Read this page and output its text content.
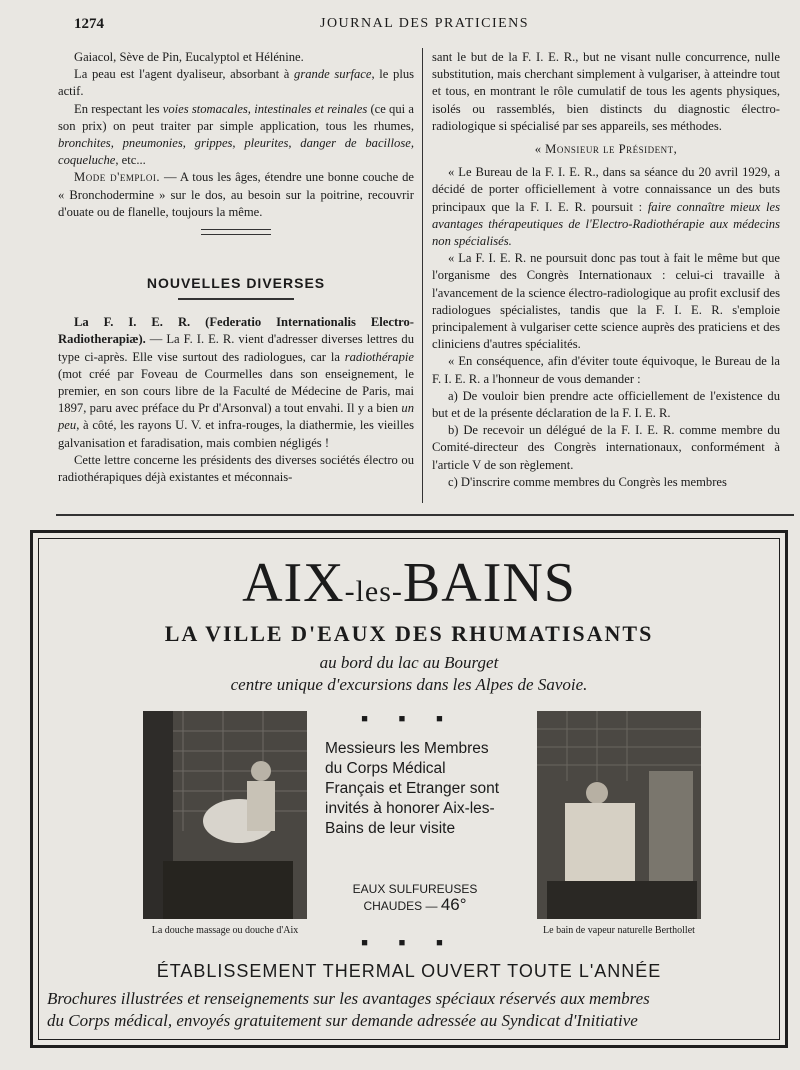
1274	JOURNAL DES PRATICIENS

Gaiacol, Sève de Pin, Eucalyptol et Hélénine.

La peau est l'agent dyaliseur, absorbant à grande surface, le plus actif.

En respectant les voies stomacales, intestinales et reinales (ce qui a son prix) on peut traiter par simple application, tous les rhumes, bronchites, pneumonies, grippes, pleurites, danger de bacillose, coqueluche, etc...

Mode d'emploi. — A tous les âges, étendre une bonne couche de « Bronchodermine » sur le dos, au besoin sur la poitrine, recouvrir d'ouate ou de flanelle, toujours la même.

NOUVELLES DIVERSES

La F. I. E. R. (Federatio Internationalis Electro-Radiotherapiæ). — La F. I. E. R. vient d'adresser diverses lettres du type ci-après. Elle vise surtout des radiologues, car la radiothérapie (mot créé par Foveau de Courmelles dans son enseignement, le premier, en son cours libre de la Faculté de Médecine de Paris, mai 1897, paru avec préface du Pr d'Arsonval) a tout envahi. Il y a bien un peu, à côté, les rayons U. V. et infra-rouges, la diathermie, les vieilles galvanisation et faradisation, mais combien négligés !

Cette lettre concerne les présidents des diverses sociétés électro ou radiothérapiques déjà existantes et méconnais-

sant le but de la F. I. E. R., but ne visant nulle concurrence, nulle substitution, mais cherchant simplement à vulgariser, à atteindre tout et tous, en montrant le rôle cumulatif de tous les agents physiques, isolés ou rassemblés, bien distincts du diagnostic électro-radiologique si spécialisé par ses appareils, ses méthodes.

« Monsieur le Président,

« Le Bureau de la F. I. E. R., dans sa séance du 20 avril 1929, a décidé de porter officiellement à votre connaissance un des buts principaux que la F. I. E. R. poursuit : faire connaître mieux les avantages thérapeutiques de l'Electro-Radiothérapie aux médecins non spécialisés.

« La F. I. E. R. ne poursuit donc pas tout à fait le même but que l'organisme des Congrès Internationaux : celui-ci travaille à l'avancement de la science électro-radiologique au profit exclusif des radiologues spécialistes, tandis que la F. I. E. R. s'emploie principalement à vulgariser cette science auprès des praticiens et des cliniciens d'autres spécialités.

« En conséquence, afin d'éviter toute équivoque, le Bureau de la F. I. E. R. a l'honneur de vous demander :

a) De vouloir bien prendre acte officiellement de l'existence du but et de la présente déclaration de la F. I. E. R.

b) De recevoir un délégué de la F. I. E. R. comme membre du Comité-directeur des Congrès internationaux, conformément à l'article V de son règlement.

c) D'inscrire comme membres du Congrès les membres

AIX-les-BAINS
LA VILLE D'EAUX DES RHUMATISANTS
au bord du lac au Bourget
centre unique d'excursions dans les Alpes de Savoie.
La douche massage ou douche d'Aix	Le bain de vapeur naturelle Berthollet
■ ■ ■
Messieurs les Membres du Corps Médical Français et Etranger sont invités à honorer Aix-les-Bains de leur visite
EAUX SULFUREUSES
CHAUDES — 46°
■ ■ ■
ÉTABLISSEMENT THERMAL OUVERT TOUTE L'ANNÉE
Brochures illustrées et renseignements sur les avantages spéciaux réservés aux membres
du Corps médical, envoyés gratuitement sur demande adressée au Syndicat d'Initiative
